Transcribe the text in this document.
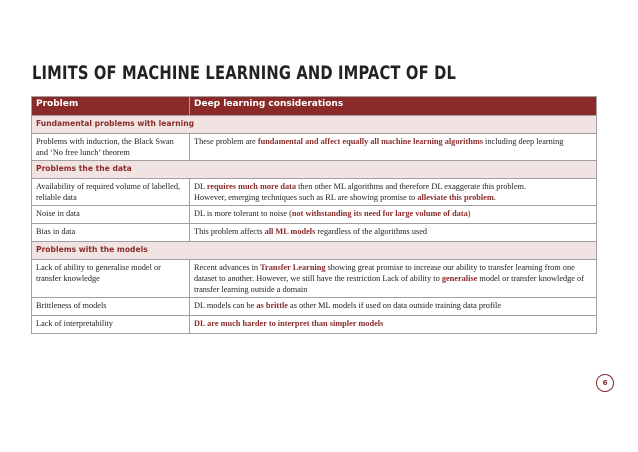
LIMITS OF MACHINE LEARNING AND IMPACT OF DL
Problem	Deep learning considerations
Fundamental problems with learning	
Problems with induction, the Black Swan and ‘No free lunch’ theorem	These problem are fundamental and affect equally all machine learning algorithms including deep learning
Problems the the data	
Availability of required volume of labelled, reliable data	DL requires much more data then other ML algorithms and therefore DL exaggerate this problem.
However, emerging techniques such as RL are showing promise to alleviate this problem.
Noise in data	DL is more tolerant to noise (not withstanding its need for large volume of data)
Bias in data	This problem affects all ML models regardless of the algorithms used
Problems with the models	
Lack of ability to generalise model or transfer knowledge	Recent advances in Transfer Learning showing great promise to increase our ability to transfer learning from one dataset to another. However, we still have the restriction Lack of ability to generalise model or transfer knowledge of transfer learning outside a domain
Brittleness of models	DL models can be as brittle as other ML models if used on data outside training data profile
Lack of interpretability	DL are much harder to interpret than simpler models
6
